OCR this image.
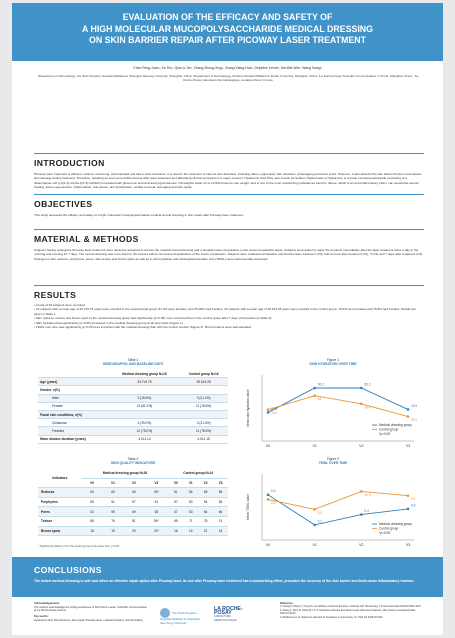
EVALUATION OF THE EFFICACY AND SAFETY OF
A HIGH MOLECULAR MUCOPOLYSACCHARIDE MEDICAL DRESSING
ON SKIN BARRIER REPAIR AFTER PICOWAY LASER TREATMENT
Chen Feng-Juan¹, Ke Sin¹, Qian Li-Jie¹, Zhang Zhong-Xing¹, Zhang Xiang-Hua¹, Delphine Kerob³, Ma Wei-Wei¹, Wang Xiang¹
¹Department of Dermatology, the Sixth People's Hospital Affiliated to Shanghai Jiaotong University, Shanghai, China, ²Department of Dermatology, Pudong Hospital Affiliated to Fudan University, Shanghai, China, ³La Roche-Posay Scientific Communication in China, Shanghai, China, ⁴La Roche-Posay Laboratoire Dermatologique, Levallois-Perret, France
INTRODUCTION
Picoway laser treatment is efficient, no/time consuming, well tolerated and has a short downtime. It is used in the treatment of various skin disorders, including tattoo, pigmentary skin disorders, photoageing and acne scars. However, it also disturbs the skin barrier function and causes skin damage during treatment. Therefore, repairing as soon as possible lesions after laser treatment and alleviating clinical symptoms is a major concern. Hyaluronic Acid (HA), also known as Sodium Hyaluronate or Hyaluronic, is a linear mucopolysaccharide consisting of a disaccharide unit [(-β(1,4)-GlcUA-β(1,3)-GlcNAc)n repeated with glucuronic acid and acetyl-glucosamine. HA weights water up to 10,000 times its own weight, and is one of the most moisturizing substances found in nature, which is an anti-inflammatory effect, can accelerate wound healing, tissue regeneration, inflammation, anti-cancer, anti-proliferation, wrinkle removal, anti-aging and skin repair.
OBJECTIVES
This study assessed the efficacy and safety of a high molecular mucopolysaccharide medical wound dressing in skin repair after Picoway laser treatment.
MATERIAL & METHODS
Subjects having undergone Picoway laser treatment were randomly assigned to receive the medical wound dressing and a hospital cream preparation or the cream preparation alone. Subjects were asked to apply the products immediately after the laser treatment twice a day in the morning and evening for 7 days. The wound dressing was to be kept for 20 minutes before removal and application of the cream preparation. Subjects were evaluated at baseline point before laser treatment (V0), half an hour after treatment (V1), 3 (V2) and 7 days after treatment (V3). Changes in skin redness, porphyrins, pores, skin texture and brown spots as well as in skin hydration and transepidermal water loss (TEWL) were instrumentally assessed.
RESULTS
• A total of 93 subjects were recruited.
• 16 subjects with a mean age of 33.7±3.75 years were enrolled in the experimental group; 81.3% were females, and 75.00% had freckles. 16 subjects with a mean age of 35.9±3.28 years were enrolled in the control group; 78.6% were females and 78.6% had freckles. Details are given in Table 1.
• Skin redness, texture and brown spots in the medical dressing group had significantly (p<0.05) more improved than in the control group after 7 days (V3) treatment (Table 2).
• Skin hydration had significantly (p<0.05) increased in the medical dressing group at all post-visits (Figure 1).
• TEWL over time was significantly (p<0.05) less important with the medical dressing than with the control product (Figure 2). Both products were well-tolerated.
Table 1
DEMOGRAPHIC AND BASELINE DAYS
	Medical dressing group N=16	Control group N=16
Age (years)	33.7±3.75	35.9±3.28
Gender, n(%)		
Male	3 (18.8%)	3 (21.4%)
Female	13 (81.2%)	11 (78.6%)
Facial skin conditions, n(%)		
Chloasma	4 (25.0%)	3 (21.4%)
Freckles	12 (75.0%)	11 (78.6%)
Mean disease duration (years)	4.2±1.14	4.0±1.18
Table 2
SKIN QUALITY INDICATORS
Indicators	Medical dressing group N=16				Control group N=14			
	V0	V1	V2	V3	V0	V1	V2	V3
Redness	60	63	66	60*	61	66	65	65
Porphyrins	55	51	57	51	57	50	54	56
Pores	62	59	69	65	47	63	64	66
Texture	86	76	81	84*	65	71	78	74
Brown spots	18	19	29	20*	16	16	21	16
* Significantly different from the control group at the same time, p<0.05
Figure 1
SKIN HYDRATION OVER TIME
Mean skin hydration value
V0	V1	V2	V3
30.3
56.2	56.2
33.5
33.2
48
39.4
25.9
Medical dressing group
Control group
*p<0.05
Figure 2
TEWL OVER TIME
Mean TEWL value
V0	V1	V2	V3
9.6
3.2
5.4
6.6
8.6
6.5
10.3
9.4
Medical dressing group
Control group
*p<0.05
CONCLUSIONS
The tested medical dressing is safe and offers an effective repair option after Picoway laser. Its use after Picoway laser treatment has a moisturizing effect, promotes the recovery of the skin barrier and limits acute inflammatory reaction.
Acknowledgements
The authors acknowledge the writing assistance of Karl Pierre Lauter, Scientific communication at La Roche-Posay France.
Key words:
Hyaluronic acid, biomechanics, skin repair, Picoway laser, medical dressing, wound healing
The Sixth People's Hospital Affiliated to Shanghai Jiao Tong University
LA ROCHE-POSAY
LABORATOIRE DERMATOLOGIQUE
References
1. Huang S, Wang C, Yang W, et al. Efficacy of picosecond laser combined with HA dressing. J Cosmet Dermatol 2019;18:1063-1070.
2. Zhang L, Zhou M, Wang W, Liu S. Hyaluronic acid and skin barrier repair after laser treatment. Clin Cosmet Investig Dermatol 2020;13:45-52.
3. Rakhimova et al. Hyaluronic acid and its derivatives in wound care. Int J Mol Sci 2018;19:3210.
